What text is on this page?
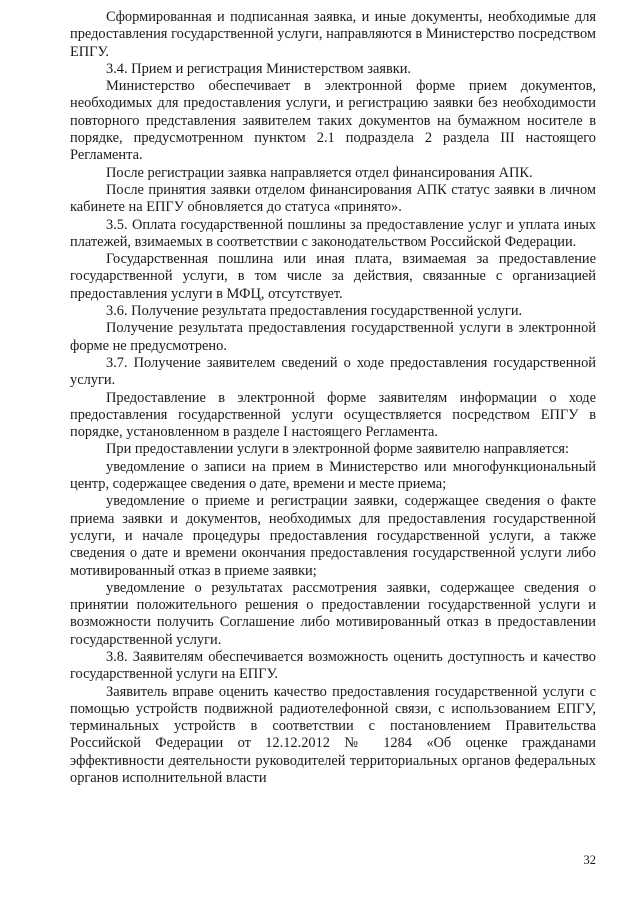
Сформированная и подписанная заявка, и иные документы, необходимые для предоставления государственной услуги, направляются в Министерство посредством ЕПГУ.

3.4. Прием и регистрация Министерством заявки.

Министерство обеспечивает в электронной форме прием документов, необходимых для предоставления услуги, и регистрацию заявки без необходимости повторного представления заявителем таких документов на бумажном носителе в порядке, предусмотренном пунктом 2.1 подраздела 2 раздела III настоящего Регламента.

После регистрации заявка направляется отдел финансирования АПК.

После принятия заявки отделом финансирования АПК статус заявки в личном кабинете на ЕПГУ обновляется до статуса «принято».

3.5. Оплата государственной пошлины за предоставление услуг и уплата иных платежей, взимаемых в соответствии с законодательством Российской Федерации.

Государственная пошлина или иная плата, взимаемая за предоставление государственной услуги, в том числе за действия, связанные с организацией предоставления услуги в МФЦ, отсутствует.

3.6. Получение результата предоставления государственной услуги.

Получение результата предоставления государственной услуги в электронной форме не предусмотрено.

3.7. Получение заявителем сведений о ходе предоставления государственной услуги.

Предоставление в электронной форме заявителям информации о ходе предоставления государственной услуги осуществляется посредством ЕПГУ в порядке, установленном в разделе I настоящего Регламента.

При предоставлении услуги в электронной форме заявителю направляется:

уведомление о записи на прием в Министерство или многофункциональный центр, содержащее сведения о дате, времени и месте приема;

уведомление о приеме и регистрации заявки, содержащее сведения о факте приема заявки и документов, необходимых для предоставления государственной услуги, и начале процедуры предоставления государственной услуги, а также сведения о дате и времени окончания предоставления государственной услуги либо мотивированный отказ в приеме заявки;

уведомление о результатах рассмотрения заявки, содержащее сведения о принятии положительного решения о предоставлении государственной услуги и возможности получить Соглашение либо мотивированный отказ в предоставлении государственной услуги.

3.8. Заявителям обеспечивается возможность оценить доступность и качество государственной услуги на ЕПГУ.

Заявитель вправе оценить качество предоставления государственной услуги с помощью устройств подвижной радиотелефонной связи, с использованием ЕПГУ, терминальных устройств в соответствии с постановлением Правительства Российской Федерации от 12.12.2012 № 1284 «Об оценке гражданами эффективности деятельности руководителей территориальных органов федеральных органов исполнительной власти

32
